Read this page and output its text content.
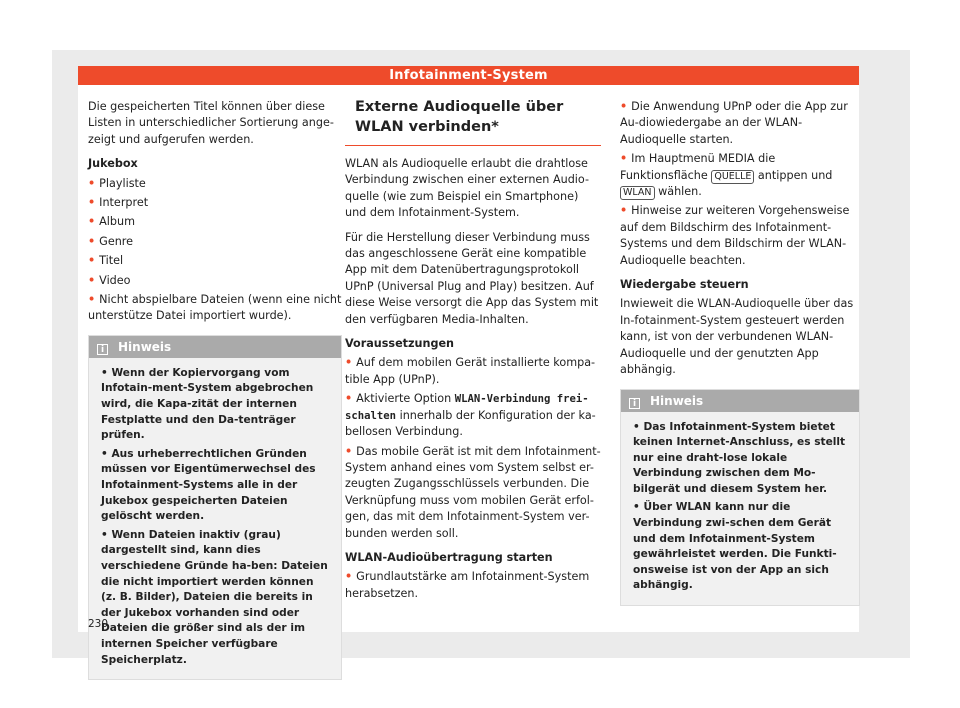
Infotainment-System

Die gespeicherten Titel können über diese Listen in unterschiedlicher Sortierung ange-zeigt und aufgerufen werden.

Jukebox
• Playliste
• Interpret
• Album
• Genre
• Titel
• Video
• Nicht abspielbare Dateien (wenn eine nicht unterstütze Datei importiert wurde).
i Hinweis
• Wenn der Kopiervorgang vom Infotain-ment-System abgebrochen wird, die Kapa-zität der internen Festplatte und den Da-tenträger prüfen.
• Aus urheberrechtlichen Gründen müssen vor Eigentümerwechsel des Infotainment-Systems alle in der Jukebox gespeicherten Dateien gelöscht werden.
• Wenn Dateien inaktiv (grau) dargestellt sind, kann dies verschiedene Gründe ha-ben: Dateien die nicht importiert werden können (z. B. Bilder), Dateien die bereits in der Jukebox vorhanden sind oder Dateien die größer sind als der im internen Speicher verfügbare Speicherplatz.
Externe Audioquelle über WLAN verbinden*

WLAN als Audioquelle erlaubt die drahtlose Verbindung zwischen einer externen Audio-quelle (wie zum Beispiel ein Smartphone) und dem Infotainment-System.

Für die Herstellung dieser Verbindung muss das angeschlossene Gerät eine kompatible App mit dem Datenübertragungsprotokoll UPnP (Universal Plug and Play) besitzen. Auf diese Weise versorgt die App das System mit den verfügbaren Media-Inhalten.

Voraussetzungen
• Auf dem mobilen Gerät installierte kompa-tible App (UPnP).
• Aktivierte Option WLAN-Verbindung frei-schalten innerhalb der Konfiguration der ka-bellosen Verbindung.
• Das mobile Gerät ist mit dem Infotainment-System anhand eines vom System selbst er-zeugten Zugangsschlüssels verbunden. Die Verknüpfung muss vom mobilen Gerät erfol-gen, das mit dem Infotainment-System ver-bunden werden soll.
WLAN-Audioübertragung starten
• Grundlautstärke am Infotainment-System herabsetzen.
• Die Anwendung UPnP oder die App zur Au-diowiedergabe an der WLAN-Audioquelle starten.
• Im Hauptmenü MEDIA die Funktionsfläche QUELLE antippen und WLAN wählen.
• Hinweise zur weiteren Vorgehensweise auf dem Bildschirm des Infotainment-Systems und dem Bildschirm der WLAN-Audioquelle beachten.
Wiedergabe steuern

Inwieweit die WLAN-Audioquelle über das In-fotainment-System gesteuert werden kann, ist von der verbundenen WLAN-Audioquelle und der genutzten App abhängig.

i Hinweis
• Das Infotainment-System bietet keinen Internet-Anschluss, es stellt nur eine draht-lose lokale Verbindung zwischen dem Mo-bilgerät und diesem System her.
• Über WLAN kann nur die Verbindung zwi-schen dem Gerät und dem Infotainment-System gewährleistet werden. Die Funkti-onsweise ist von der App an sich abhängig.
230
